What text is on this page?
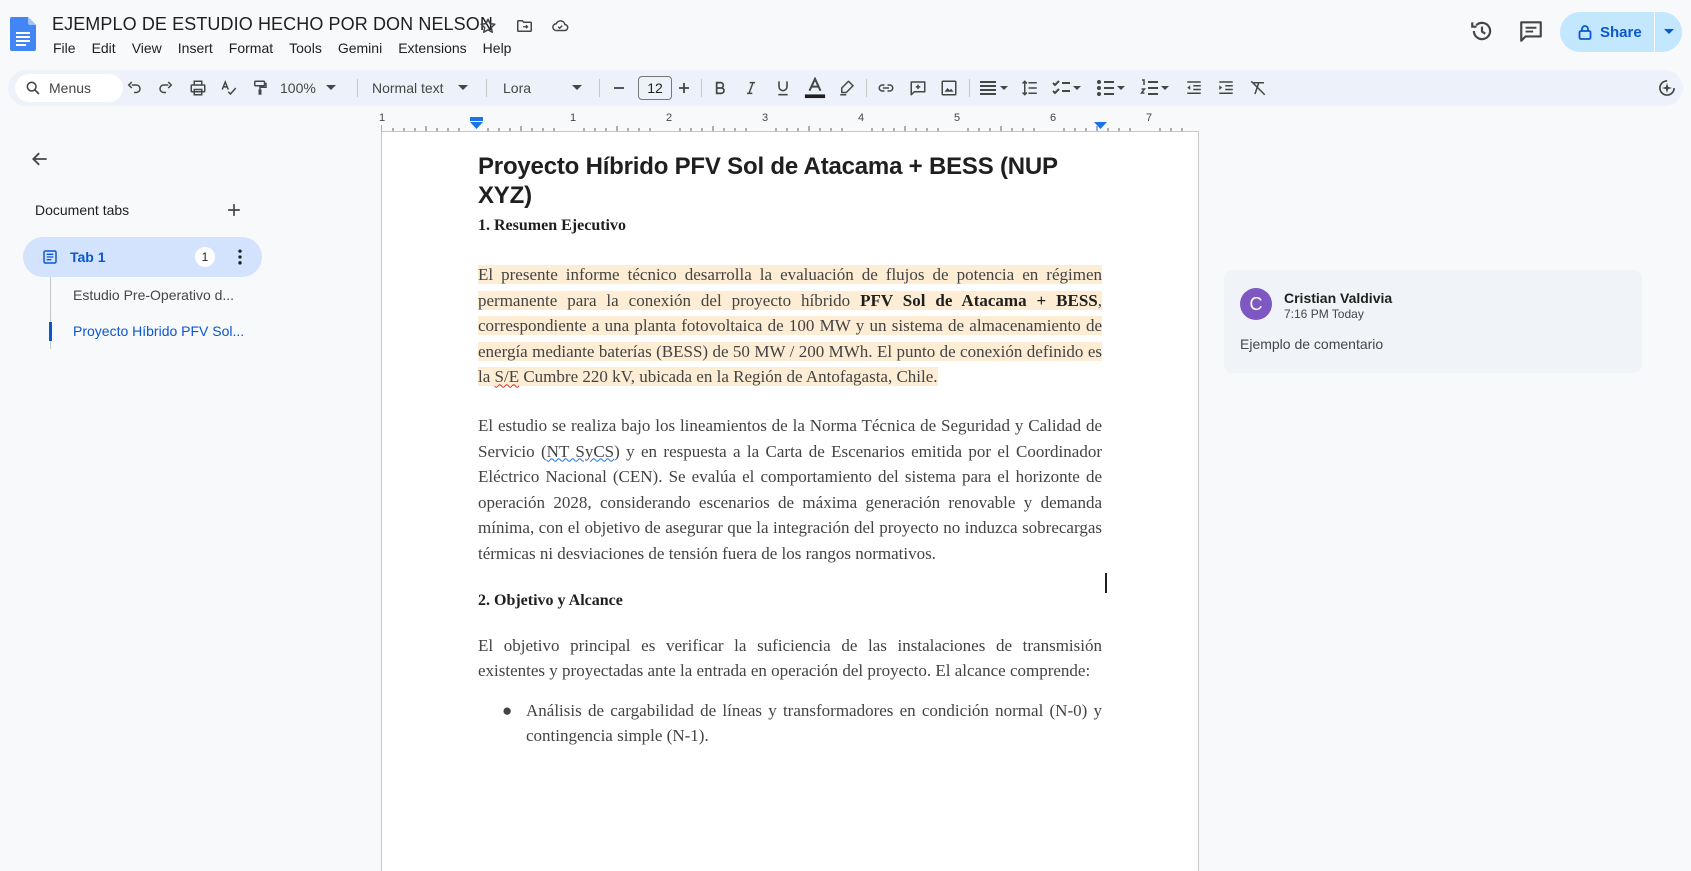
EJEMPLO DE ESTUDIO HECHO POR DON NELSON
File	Edit	View	Insert	Format	Tools	Gemini	Extensions	Help
Share
Menus	100%	Normal text	Lora	12
1	1	2	3	4	5	6	7
Document tabs
Tab 1	1
Estudio Pre-Operativo d...
Proyecto Híbrido PFV Sol...
Proyecto Híbrido PFV Sol de Atacama + BESS (NUP XYZ)
1. Resumen Ejecutivo
El presente informe técnico desarrolla la evaluación de flujos de potencia en régimen permanente para la conexión del proyecto híbrido PFV Sol de Atacama + BESS, correspondiente a una planta fotovoltaica de 100 MW y un sistema de almacenamiento de energía mediante baterías (BESS) de 50 MW / 200 MWh. El punto de conexión definido es la S/E Cumbre 220 kV, ubicada en la Región de Antofagasta, Chile.
El estudio se realiza bajo los lineamientos de la Norma Técnica de Seguridad y Calidad de Servicio (NT SyCS) y en respuesta a la Carta de Escenarios emitida por el Coordinador Eléctrico Nacional (CEN). Se evalúa el comportamiento del sistema para el horizonte de operación 2028, considerando escenarios de máxima generación renovable y demanda mínima, con el objetivo de asegurar que la integración del proyecto no induzca sobrecargas térmicas ni desviaciones de tensión fuera de los rangos normativos.
2. Objetivo y Alcance
El objetivo principal es verificar la suficiencia de las instalaciones de transmisión existentes y proyectadas ante la entrada en operación del proyecto. El alcance comprende:
● Análisis de cargabilidad de líneas y transformadores en condición normal (N-0) y contingencia simple (N-1).
C	Cristian Valdivia
7:16 PM Today
Ejemplo de comentario
